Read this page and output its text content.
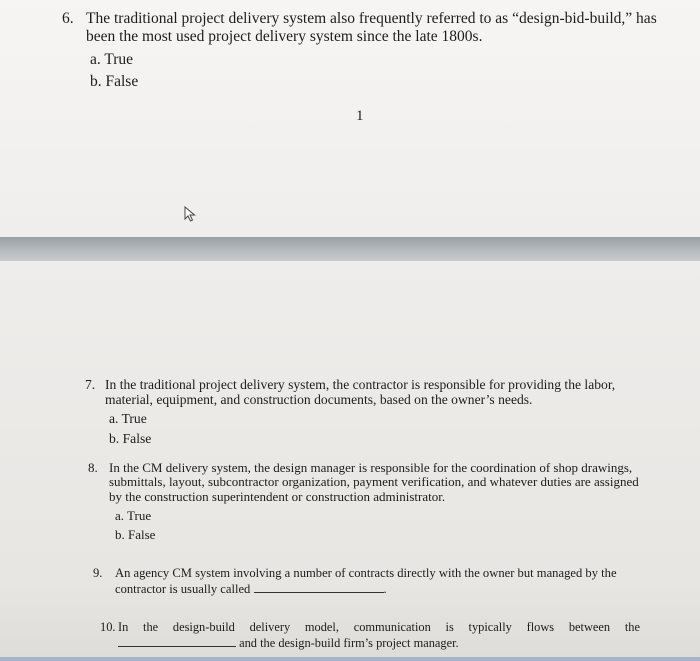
6. The traditional project delivery system also frequently referred to as “design-bid-build,” has been the most used project delivery system since the late 1800s.
a. True
b. False
1
7. In the traditional project delivery system, the contractor is responsible for providing the labor, material, equipment, and construction documents, based on the owner’s needs.
a. True
b. False
8. In the CM delivery system, the design manager is responsible for the coordination of shop drawings, submittals, layout, subcontractor organization, payment verification, and whatever duties are assigned by the construction superintendent or construction administrator.
a. True
b. False
9. An agency CM system involving a number of contracts directly with the owner but managed by the contractor is usually called	.
10. In the design-build delivery model, communication is typically flows between the
and the design-build firm’s project manager.
